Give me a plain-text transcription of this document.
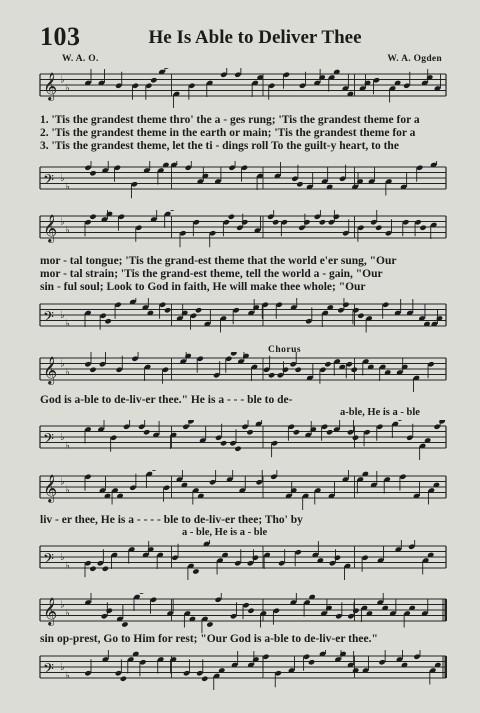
103	He Is Able to Deliver Thee
W. A. O.	W. A. Ogden
𝄞 ♭
♭
1. 'Tis the grandest theme thro' the a - ges rung; 'Tis the grandest theme for a
2. 'Tis the grandest theme in the earth or main; 'Tis the grandest theme for a
3. 'Tis the grandest theme, let the ti - dings roll To the guilt-y heart, to the
𝄢 ♭
♭
𝄞 ♭
♭
mor - tal tongue; 'Tis the grand-est theme that the world e'er sung, "Our
mor - tal strain; 'Tis the grand-est theme, tell the world a - gain, "Our
sin - ful soul; Look to God in faith, He will make thee whole; "Our
𝄢 ♭
♭
Chorus
𝄞 ♭
♭
God is a-ble to de-liv-er thee." He is a - - - ble to de-
a-ble, He is a - ble
𝄢 ♭
♭
𝄞 ♭
♭
liv - er thee, He is a - - - - ble to de-liv-er thee; Tho' by
a - ble, He is a - ble
𝄢 ♭
♭
𝄞 ♭
♭
sin op-prest, Go to Him for rest; "Our God is a-ble to de-liv-er thee."
𝄢 ♭
♭
